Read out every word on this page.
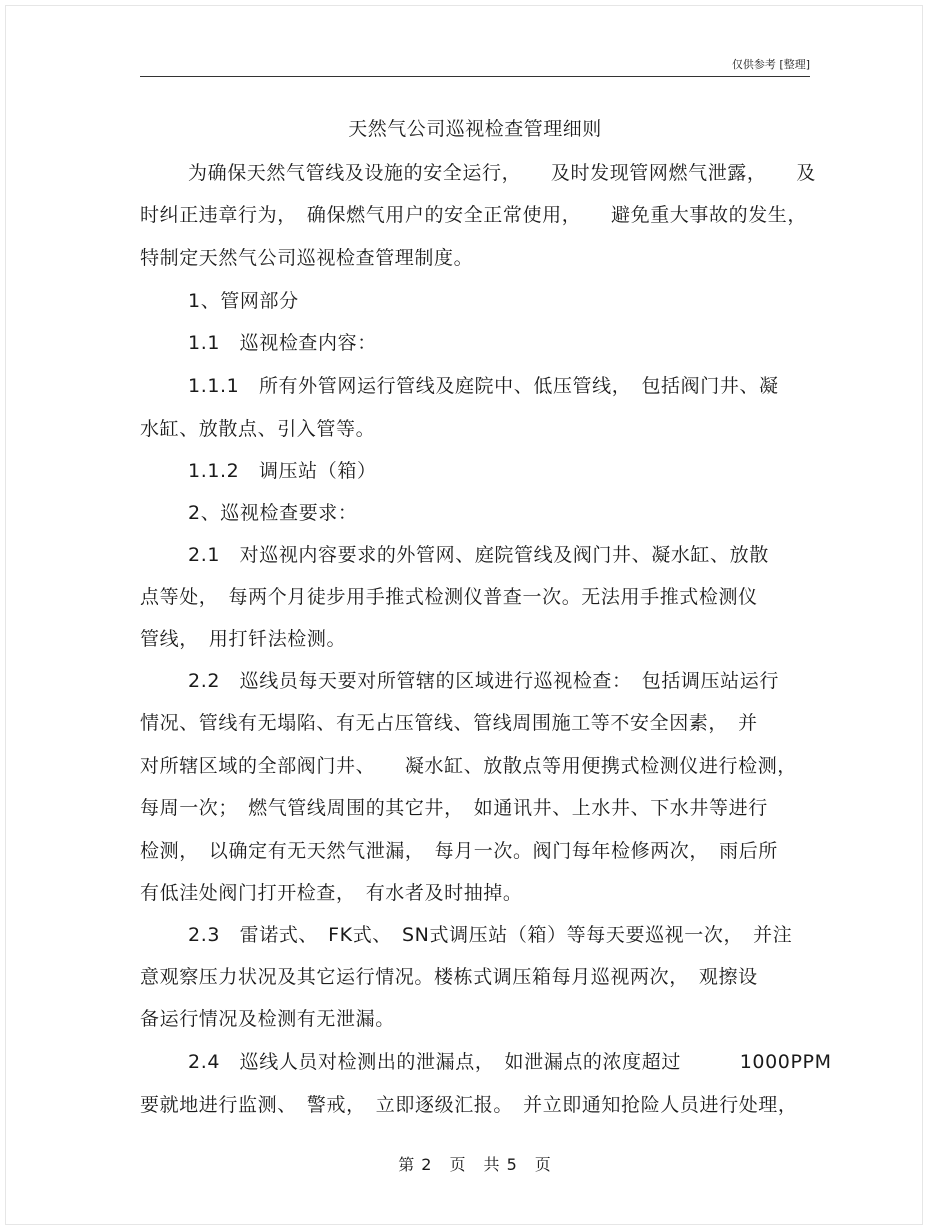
仅供参考 [整理]
天然气公司巡视检查管理细则
为确保天然气管线及设施的安全运行，　　及时发现管网燃气泄露，　　及
时纠正违章行为，　确保燃气用户的安全正常使用，　　避免重大事故的发生，
特制定天然气公司巡视检查管理制度。
1、管网部分
1.1　巡视检查内容：
1.1.1　所有外管网运行管线及庭院中、低压管线，　包括阀门井、凝
水缸、放散点、引入管等。
1.1.2　调压站（箱）
2、巡视检查要求：
2.1　对巡视内容要求的外管网、庭院管线及阀门井、凝水缸、放散
点等处，　每两个月徒步用手推式检测仪普查一次。无法用手推式检测仪
管线，　用打钎法检测。
2.2　巡线员每天要对所管辖的区域进行巡视检查：　包括调压站运行
情况、管线有无塌陷、有无占压管线、管线周围施工等不安全因素，　并
对所辖区域的全部阀门井、　　凝水缸、放散点等用便携式检测仪进行检测，
每周一次；　燃气管线周围的其它井，　如通讯井、上水井、下水井等进行
检测，　以确定有无天然气泄漏，　每月一次。阀门每年检修两次，　雨后所
有低洼处阀门打开检查，　有水者及时抽掉。
2.3　雷诺式、　FK式、　SN式调压站（箱）等每天要巡视一次，　并注
意观察压力状况及其它运行情况。楼栋式调压箱每月巡视两次，　观擦设
备运行情况及检测有无泄漏。
2.4　巡线人员对检测出的泄漏点，　如泄漏点的浓度超过　　　1000PPM
要就地进行监测、　警戒，　立即逐级汇报。　并立即通知抢险人员进行处理，
第 2　页　共 5　页
